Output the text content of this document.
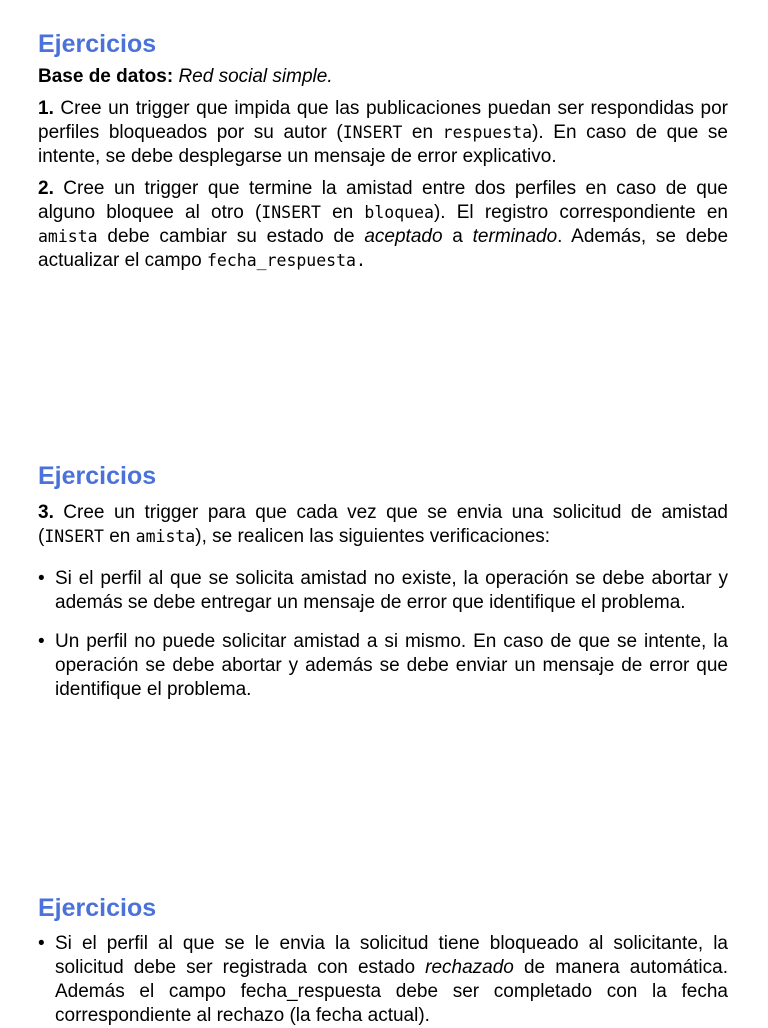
Ejercicios

Base de datos: Red social simple.

1. Cree un trigger que impida que las publicaciones puedan ser respondidas por perfiles bloqueados por su autor (INSERT en respuesta). En caso de que se intente, se debe desplegarse un mensaje de error explicativo.

2. Cree un trigger que termine la amistad entre dos perfiles en caso de que alguno bloquee al otro (INSERT en bloquea). El registro correspondiente en amista debe cambiar su estado de aceptado a terminado. Además, se debe actualizar el campo fecha_respuesta.

Ejercicios

3. Cree un trigger para que cada vez que se envia una solicitud de amistad (INSERT en amista), se realicen las siguientes verificaciones:

• Si el perfil al que se solicita amistad no existe, la operación se debe abortar y además se debe entregar un mensaje de error que identifique el problema.
• Un perfil no puede solicitar amistad a si mismo. En caso de que se intente, la operación se debe abortar y además se debe enviar un mensaje de error que identifique el problema.
Ejercicios
• Si el perfil al que se le envia la solicitud tiene bloqueado al solicitante, la solicitud debe ser registrada con estado rechazado de manera automática. Además el campo fecha_respuesta debe ser completado con la fecha correspondiente al rechazo (la fecha actual).
